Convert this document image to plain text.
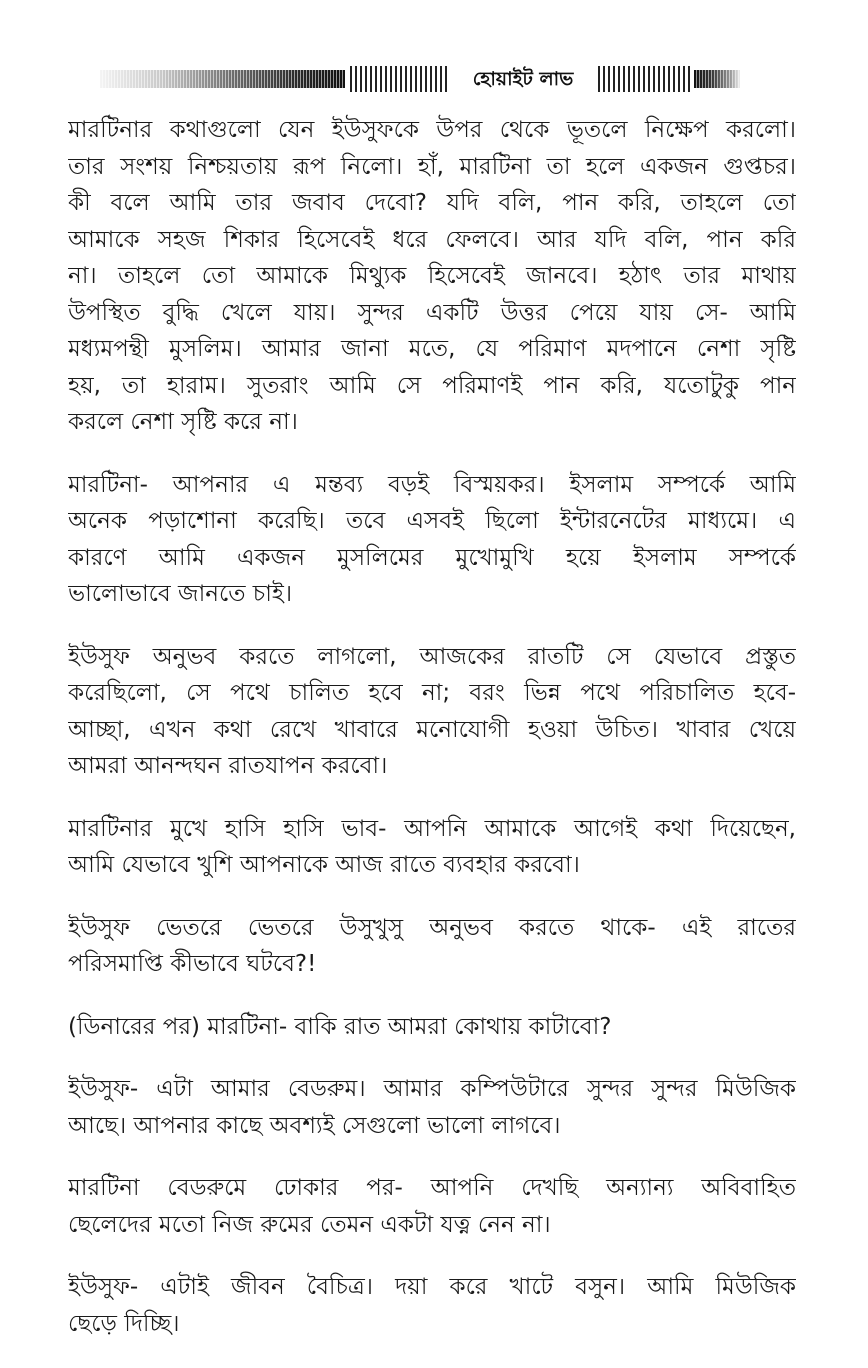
হোয়াইট লাভ
মারটিনার কথাগুলো যেন ইউসুফকে উপর থেকে ভূতলে নিক্ষেপ করলো।
তার সংশয় নিশ্চয়তায় রূপ নিলো। হাঁ, মারটিনা তা হলে একজন গুপ্তচর।
কী বলে আমি তার জবাব দেবো? যদি বলি, পান করি, তাহলে তো
আমাকে সহজ শিকার হিসেবেই ধরে ফেলবে। আর যদি বলি, পান করি
না। তাহলে তো আমাকে মিথ্যুক হিসেবেই জানবে। হঠাৎ তার মাথায়
উপস্থিত বুদ্ধি খেলে যায়। সুন্দর একটি উত্তর পেয়ে যায় সে- আমি
মধ্যমপন্থী মুসলিম। আমার জানা মতে, যে পরিমাণ মদপানে নেশা সৃষ্টি
হয়, তা হারাম। সুতরাং আমি সে পরিমাণই পান করি, যতোটুকু পান
করলে নেশা সৃষ্টি করে না।
মারটিনা- আপনার এ মন্তব্য বড়ই বিস্ময়কর। ইসলাম সম্পর্কে আমি
অনেক পড়াশোনা করেছি। তবে এসবই ছিলো ইন্টারনেটের মাধ্যমে। এ
কারণে আমি একজন মুসলিমের মুখোমুখি হয়ে ইসলাম সম্পর্কে
ভালোভাবে জানতে চাই।
ইউসুফ অনুভব করতে লাগলো, আজকের রাতটি সে যেভাবে প্রস্তুত
করেছিলো, সে পথে চালিত হবে না; বরং ভিন্ন পথে পরিচালিত হবে-
আচ্ছা, এখন কথা রেখে খাবারে মনোযোগী হওয়া উচিত। খাবার খেয়ে
আমরা আনন্দঘন রাতযাপন করবো।
মারটিনার মুখে হাসি হাসি ভাব- আপনি আমাকে আগেই কথা দিয়েছেন,
আমি যেভাবে খুশি আপনাকে আজ রাতে ব্যবহার করবো।
ইউসুফ ভেতরে ভেতরে উসুখুসু অনুভব করতে থাকে- এই রাতের
পরিসমাপ্তি কীভাবে ঘটবে?!
(ডিনারের পর) মারটিনা- বাকি রাত আমরা কোথায় কাটাবো?
ইউসুফ- এটা আমার বেডরুম। আমার কম্পিউটারে সুন্দর সুন্দর মিউজিক
আছে। আপনার কাছে অবশ্যই সেগুলো ভালো লাগবে।
মারটিনা বেডরুমে ঢোকার পর- আপনি দেখছি অন্যান্য অবিবাহিত
ছেলেদের মতো নিজ রুমের তেমন একটা যত্ন নেন না।
ইউসুফ- এটাই জীবন বৈচিত্র। দয়া করে খাটে বসুন। আমি মিউজিক
ছেড়ে দিচ্ছি।
